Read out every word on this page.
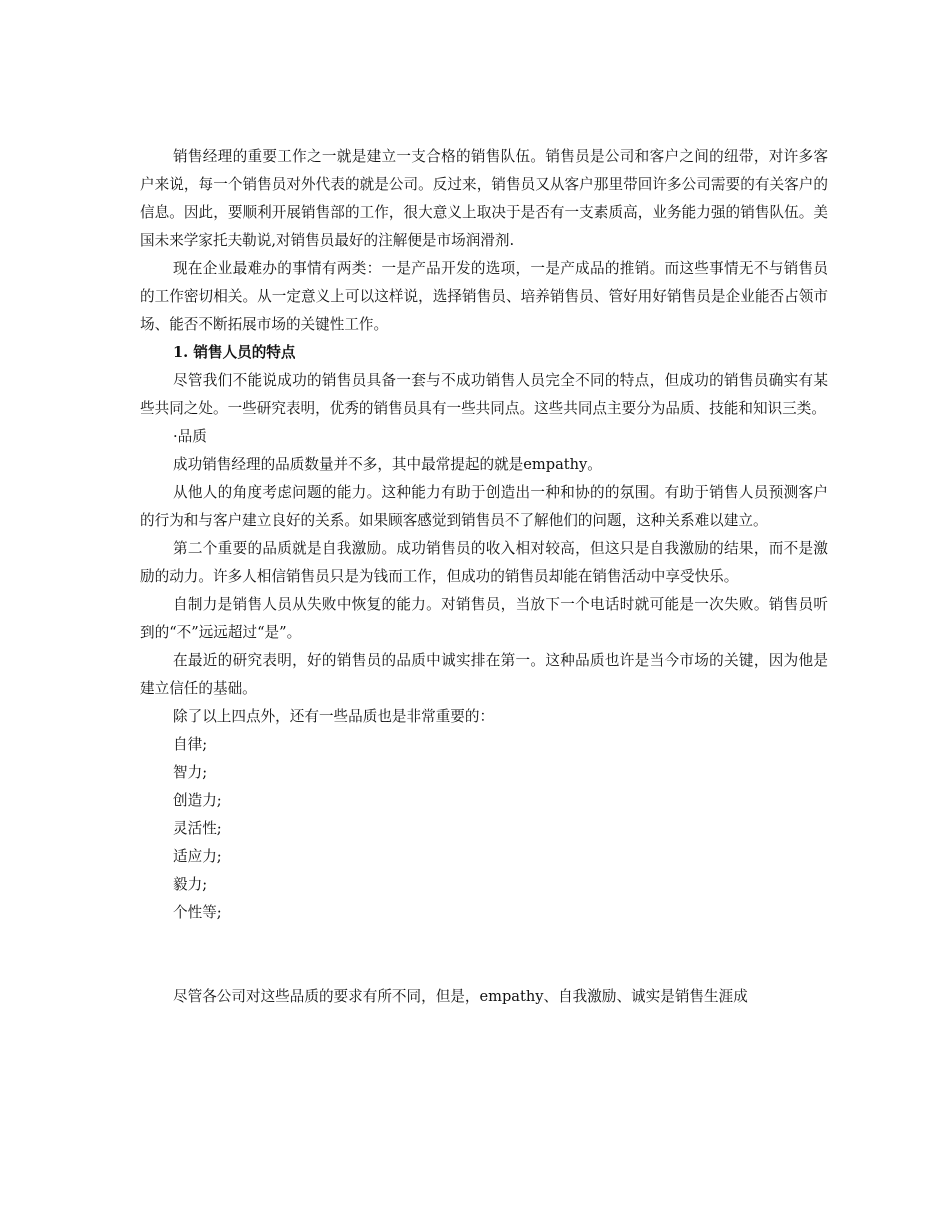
销售经理的重要工作之一就是建立一支合格的销售队伍。销售员是公司和客户之间的纽带，对许多客户来说，每一个销售员对外代表的就是公司。反过来，销售员又从客户那里带回许多公司需要的有关客户的信息。因此，要顺利开展销售部的工作，很大意义上取决于是否有一支素质高，业务能力强的销售队伍。美国未来学家托夫勒说,对销售员最好的注解便是市场润滑剂.

现在企业最难办的事情有两类：一是产品开发的选项，一是产成品的推销。而这些事情无不与销售员的工作密切相关。从一定意义上可以这样说，选择销售员、培养销售员、管好用好销售员是企业能否占领市场、能否不断拓展市场的关键性工作。

1. 销售人员的特点

尽管我们不能说成功的销售员具备一套与不成功销售人员完全不同的特点，但成功的销售员确实有某些共同之处。一些研究表明，优秀的销售员具有一些共同点。这些共同点主要分为品质、技能和知识三类。

·品质

成功销售经理的品质数量并不多，其中最常提起的就是empathy。

从他人的角度考虑问题的能力。这种能力有助于创造出一种和协的的氛围。有助于销售人员预测客户的行为和与客户建立良好的关系。如果顾客感觉到销售员不了解他们的问题，这种关系难以建立。

第二个重要的品质就是自我激励。成功销售员的收入相对较高，但这只是自我激励的结果，而不是激励的动力。许多人相信销售员只是为钱而工作，但成功的销售员却能在销售活动中享受快乐。

自制力是销售人员从失败中恢复的能力。对销售员，当放下一个电话时就可能是一次失败。销售员听到的“不”远远超过“是”。

在最近的研究表明，好的销售员的品质中诚实排在第一。这种品质也许是当今市场的关键，因为他是建立信任的基础。

除了以上四点外，还有一些品质也是非常重要的：

自律;

智力;

创造力;

灵活性;

适应力;

毅力;

个性等;

尽管各公司对这些品质的要求有所不同，但是，empathy、自我激励、诚实是销售生涯成
